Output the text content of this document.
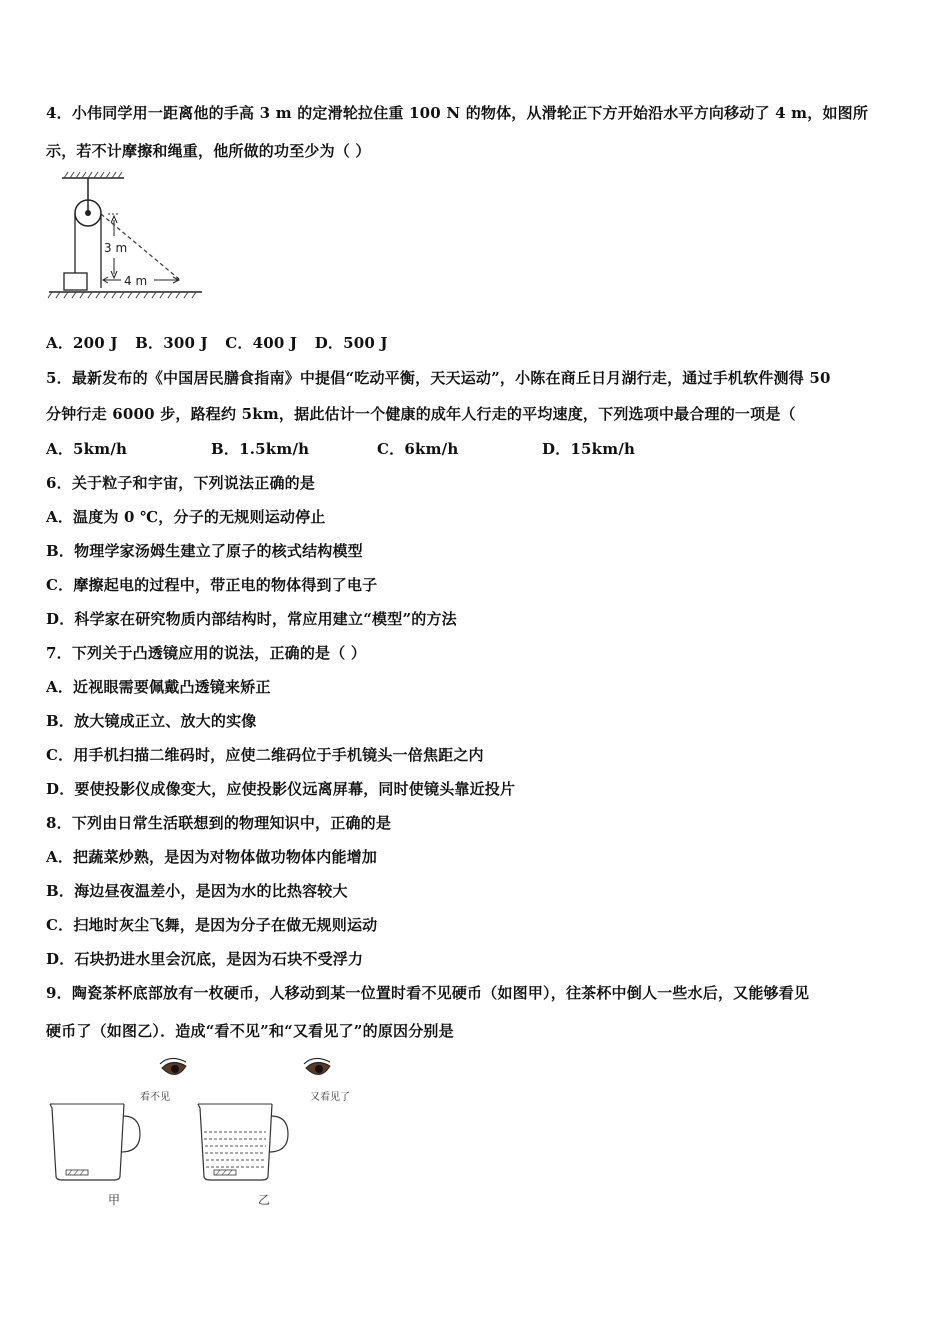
4．小伟同学用一距离他的手高 3 m 的定滑轮拉住重 100 N 的物体，从滑轮正下方开始沿水平方向移动了 4 m，如图所
示，若不计摩擦和绳重，他所做的功至少为（ ）
3 m
4 m
A．200 J B．300 J C．400 J D．500 J
5．最新发布的《中国居民膳食指南》中提倡“吃动平衡，天天运动”，小陈在商丘日月湖行走，通过手机软件测得 50
分钟行走 6000 步，路程约 5km，据此估计一个健康的成年人行走的平均速度，下列选项中最合理的一项是（
A．5km/h	B．1.5km/h	C．6km/h	D．15km/h
6．关于粒子和宇宙，下列说法正确的是
A．温度为 0 ℃，分子的无规则运动停止
B．物理学家汤姆生建立了原子的核式结构模型
C．摩擦起电的过程中，带正电的物体得到了电子
D．科学家在研究物质内部结构时，常应用建立“模型”的方法
7．下列关于凸透镜应用的说法，正确的是（ ）
A．近视眼需要佩戴凸透镜来矫正
B．放大镜成正立、放大的实像
C．用手机扫描二维码时，应使二维码位于手机镜头一倍焦距之内
D．要使投影仪成像变大，应使投影仪远离屏幕，同时使镜头靠近投片
8．下列由日常生活联想到的物理知识中，正确的是
A．把蔬菜炒熟，是因为对物体做功物体内能增加
B．海边昼夜温差小，是因为水的比热容较大
C．扫地时灰尘飞舞，是因为分子在做无规则运动
D．石块扔进水里会沉底，是因为石块不受浮力
9．陶瓷茶杯底部放有一枚硬币，人移动到某一位置时看不见硬币（如图甲），往茶杯中倒人一些水后，又能够看见
硬币了（如图乙）．造成“看不见”和“又看见了”的原因分别是
看不见	又看见了
甲	乙
